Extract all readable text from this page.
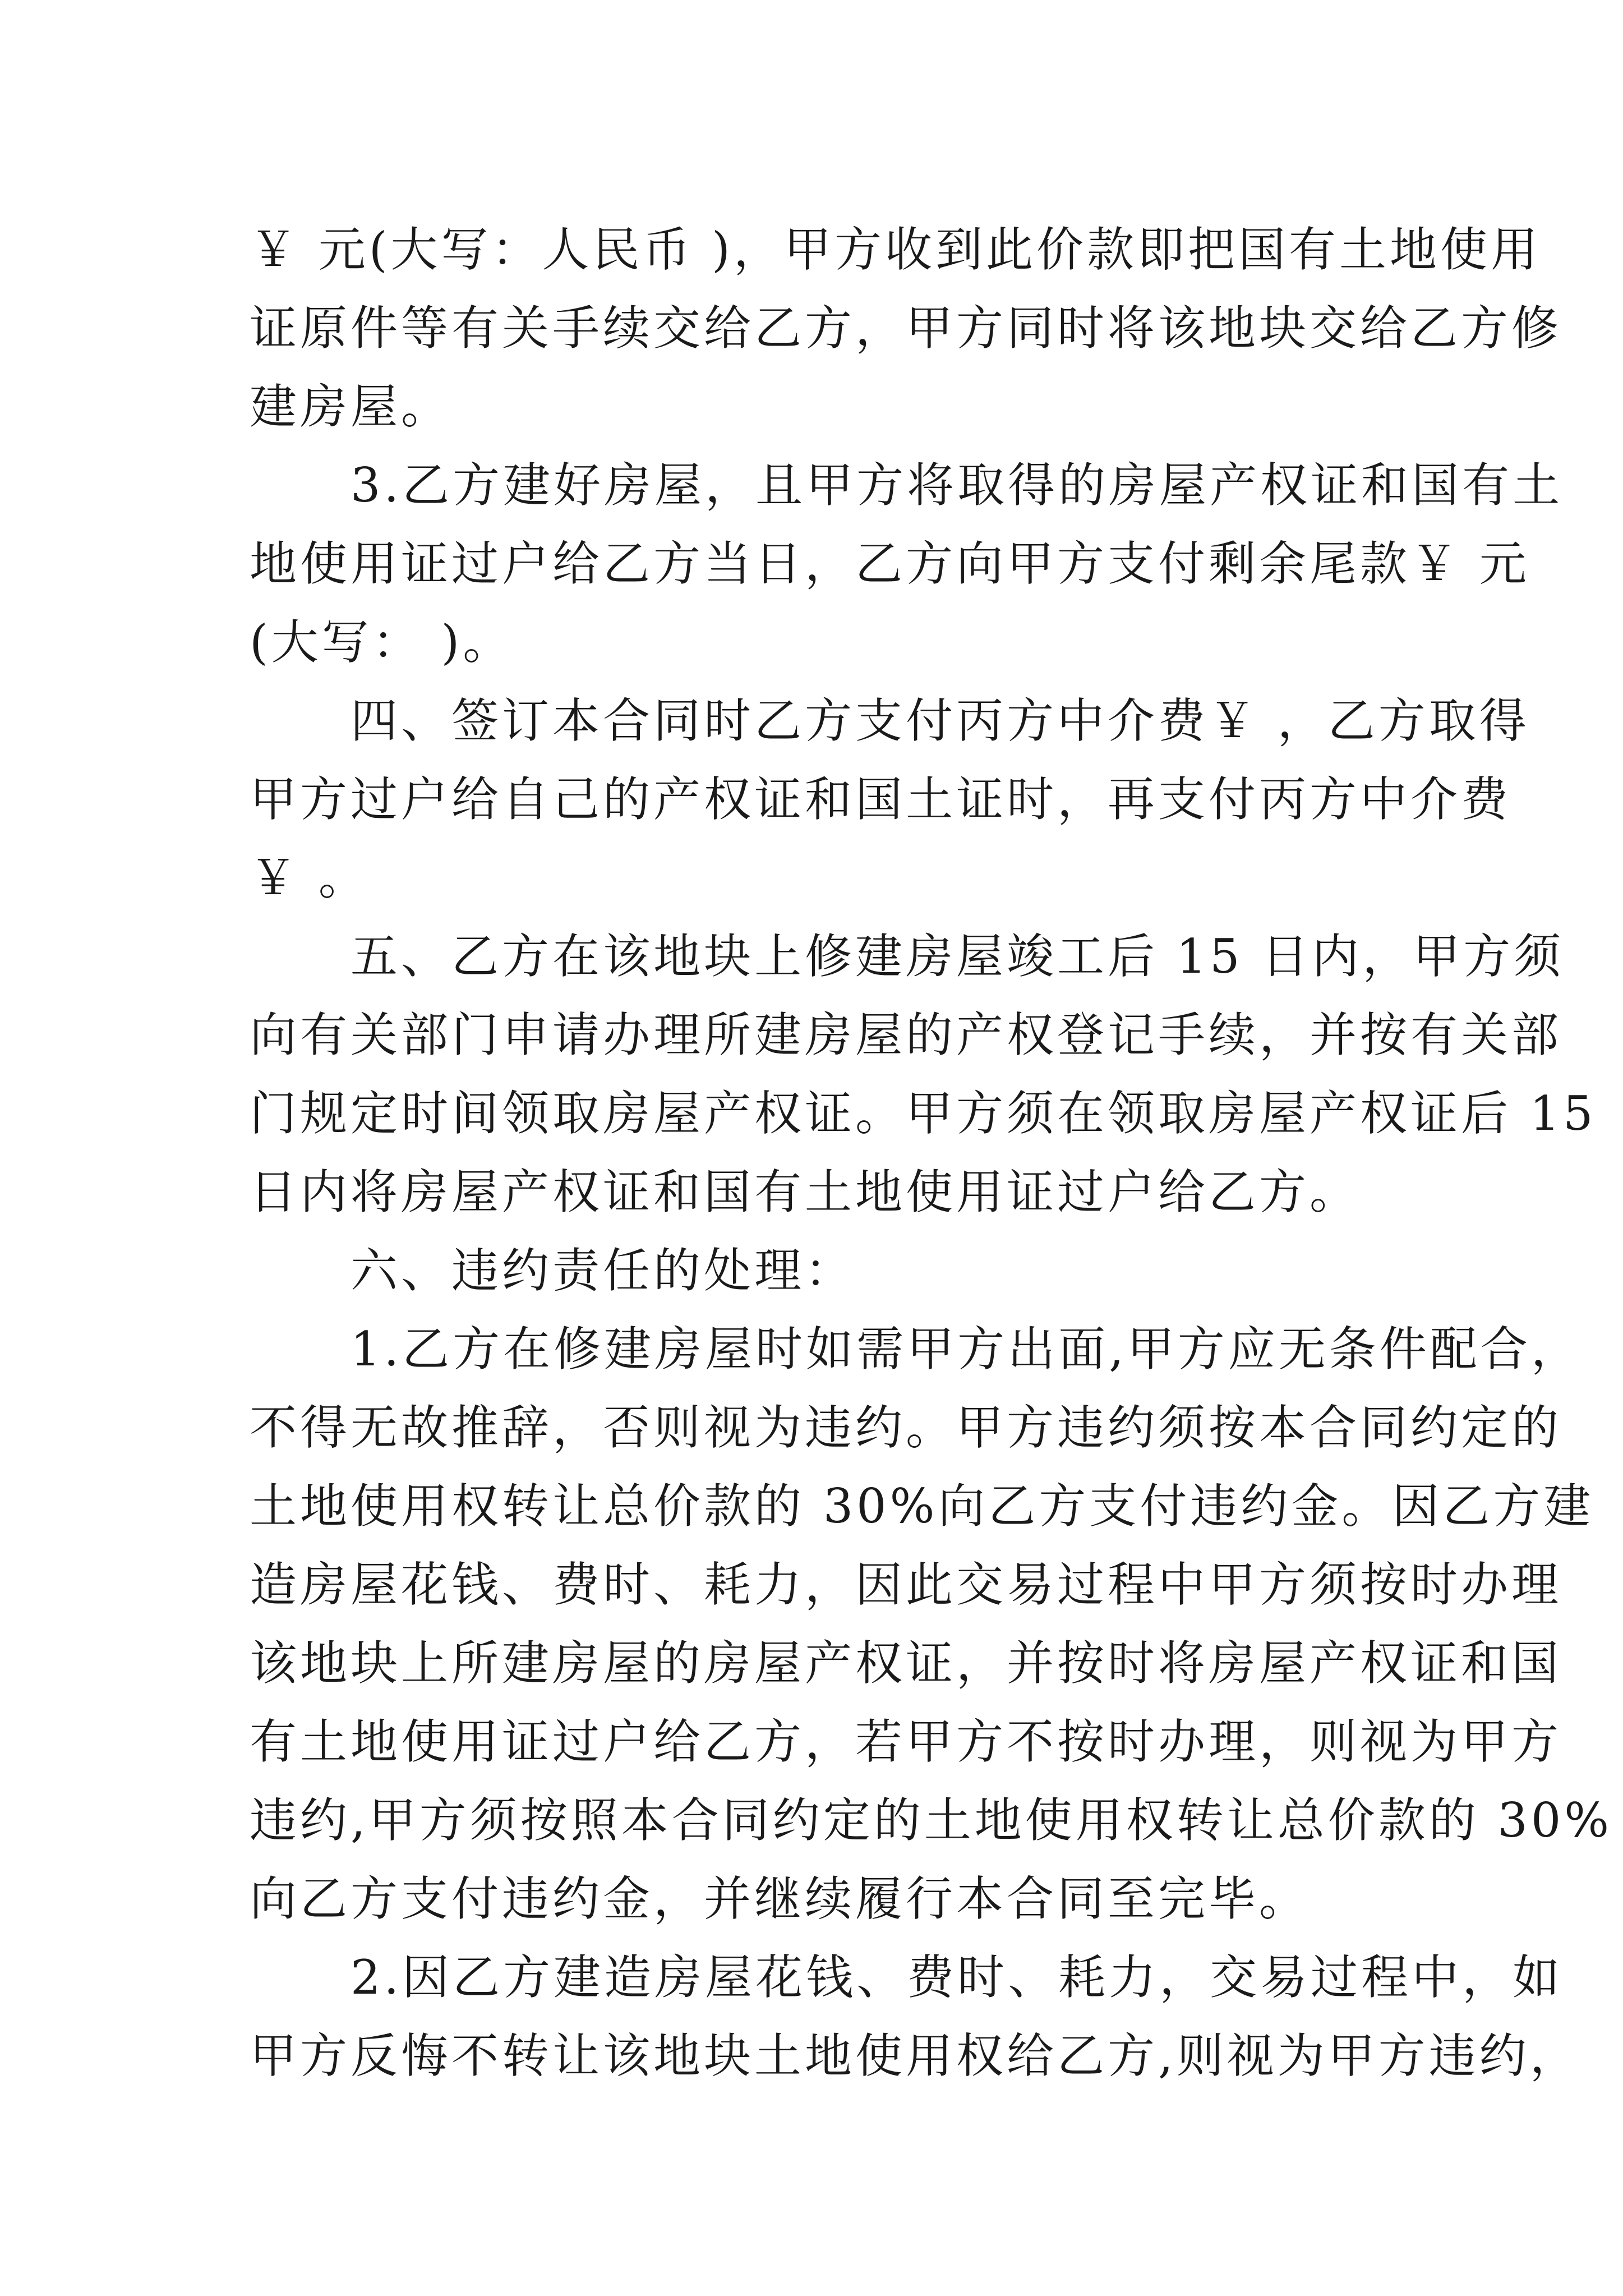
￥ 元(大写：人民币 )，甲方收到此价款即把国有土地使用
证原件等有关手续交给乙方，甲方同时将该地块交给乙方修
建房屋。
　　3.乙方建好房屋，且甲方将取得的房屋产权证和国有土
地使用证过户给乙方当日，乙方向甲方支付剩余尾款￥ 元
(大写： )。
　　四、签订本合同时乙方支付丙方中介费￥ ，乙方取得
甲方过户给自己的产权证和国土证时，再支付丙方中介费
￥ 。
　　五、乙方在该地块上修建房屋竣工后 15 日内，甲方须
向有关部门申请办理所建房屋的产权登记手续，并按有关部
门规定时间领取房屋产权证。甲方须在领取房屋产权证后 15
日内将房屋产权证和国有土地使用证过户给乙方。
　　六、违约责任的处理：
　　1.乙方在修建房屋时如需甲方出面,甲方应无条件配合，
不得无故推辞，否则视为违约。甲方违约须按本合同约定的
土地使用权转让总价款的 30%向乙方支付违约金。因乙方建
造房屋花钱、费时、耗力，因此交易过程中甲方须按时办理
该地块上所建房屋的房屋产权证，并按时将房屋产权证和国
有土地使用证过户给乙方，若甲方不按时办理，则视为甲方
违约,甲方须按照本合同约定的土地使用权转让总价款的 30%
向乙方支付违约金，并继续履行本合同至完毕。
　　2.因乙方建造房屋花钱、费时、耗力，交易过程中，如
甲方反悔不转让该地块土地使用权给乙方,则视为甲方违约，
